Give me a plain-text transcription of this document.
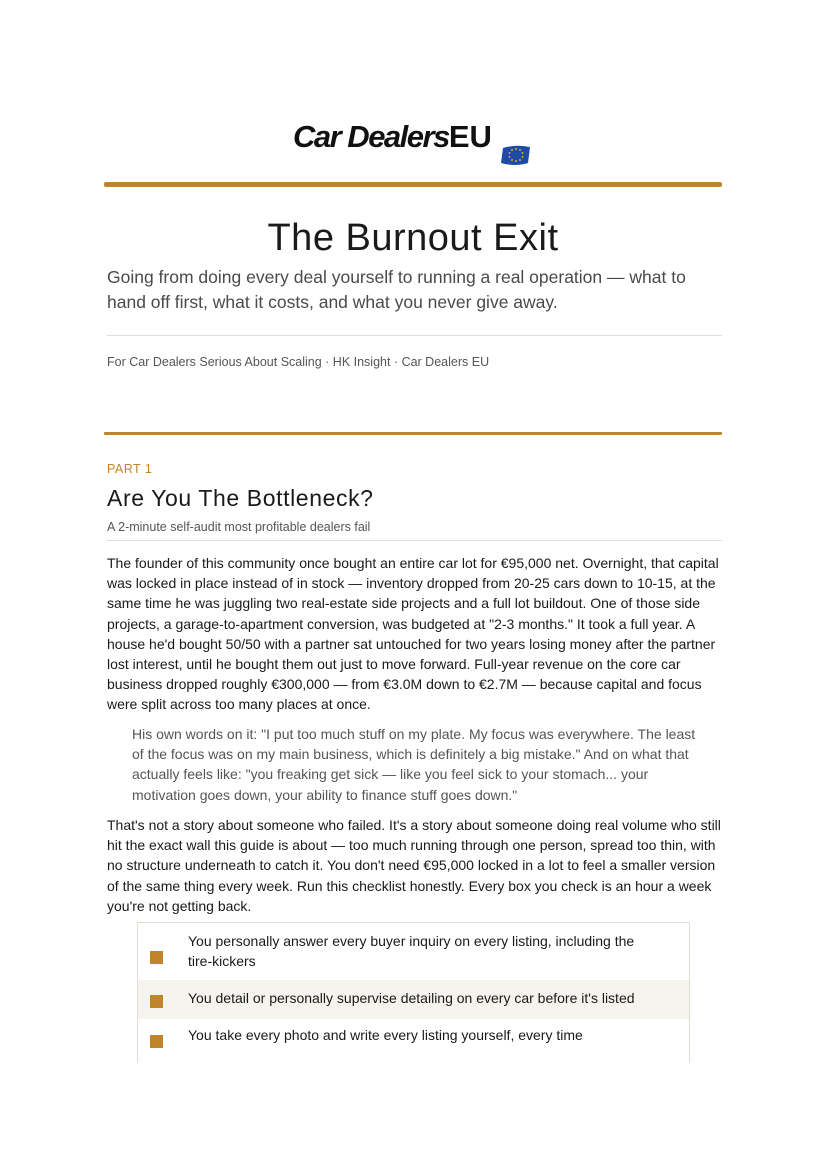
Car DealersEU
The Burnout Exit

Going from doing every deal yourself to running a real operation — what to hand off first, what it costs, and what you never give away.

For Car Dealers Serious About Scaling · HK Insight · Car Dealers EU
PART 1
Are You The Bottleneck?
A 2-minute self-audit most profitable dealers fail

The founder of this community once bought an entire car lot for €95,000 net. Overnight, that capital was locked in place instead of in stock — inventory dropped from 20-25 cars down to 10-15, at the same time he was juggling two real-estate side projects and a full lot buildout. One of those side projects, a garage-to-apartment conversion, was budgeted at "2-3 months." It took a full year. A house he'd bought 50/50 with a partner sat untouched for two years losing money after the partner lost interest, until he bought them out just to move forward. Full-year revenue on the core car business dropped roughly €300,000 — from €3.0M down to €2.7M — because capital and focus were split across too many places at once.

His own words on it: "I put too much stuff on my plate. My focus was everywhere. The least of the focus was on my main business, which is definitely a big mistake." And on what that actually feels like: "you freaking get sick — like you feel sick to your stomach... your motivation goes down, your ability to finance stuff goes down."

That's not a story about someone who failed. It's a story about someone doing real volume who still hit the exact wall this guide is about — too much running through one person, spread too thin, with no structure underneath to catch it. You don't need €95,000 locked in a lot to feel a smaller version of the same thing every week. Run this checklist honestly. Every box you check is an hour a week you're not getting back.

You personally answer every buyer inquiry on every listing, including the tire-kickers
You detail or personally supervise detailing on every car before it's listed
You take every photo and write every listing yourself, every time
